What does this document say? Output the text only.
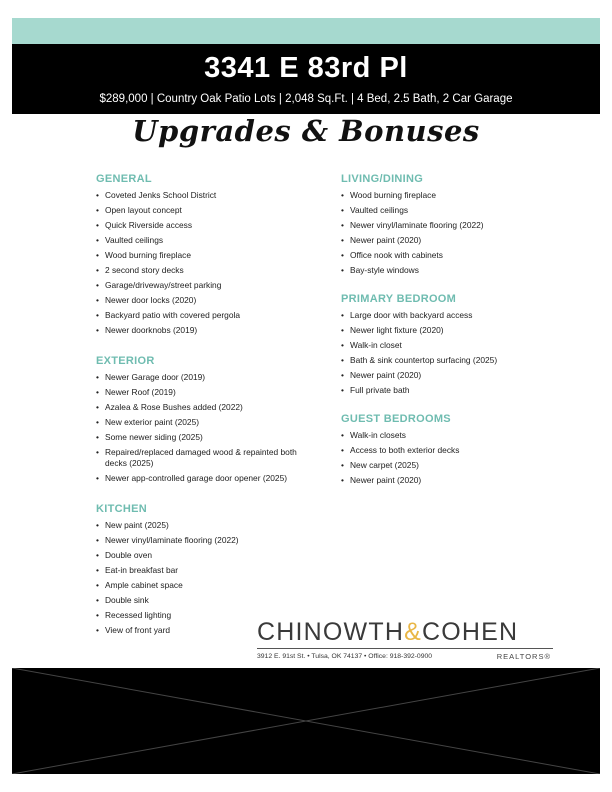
3341 E 83rd Pl
$289,000 | Country Oak Patio Lots | 2,048 Sq.Ft. | 4 Bed, 2.5 Bath, 2 Car Garage
Upgrades & Bonuses
GENERAL
• Coveted Jenks School District
• Open layout concept
• Quick Riverside access
• Vaulted ceilings
• Wood burning fireplace
• 2 second story decks
• Garage/driveway/street parking
• Newer door locks (2020)
• Backyard patio with covered pergola
• Newer doorknobs (2019)
EXTERIOR
• Newer Garage door (2019)
• Newer Roof (2019)
• Azalea & Rose Bushes added (2022)
• New exterior paint (2025)
• Some newer siding (2025)
• Repaired/replaced damaged wood & repainted both decks (2025)
• Newer app-controlled garage door opener (2025)
KITCHEN
• New paint (2025)
• Newer vinyl/laminate flooring (2022)
• Double oven
• Eat-in breakfast bar
• Ample cabinet space
• Double sink
• Recessed lighting
• View of front yard
LIVING/DINING
• Wood burning fireplace
• Vaulted ceilings
• Newer vinyl/laminate flooring (2022)
• Newer paint (2020)
• Office nook with cabinets
• Bay-style windows
PRIMARY BEDROOM
• Large door with backyard access
• Newer light fixture (2020)
• Walk-in closet
• Bath & sink countertop surfacing (2025)
• Newer paint (2020)
• Full private bath
GUEST BEDROOMS
• Walk-in closets
• Access to both exterior decks
• New carpet (2025)
• Newer paint (2020)
CHINOWTH&COHEN
3912 E. 91st St. • Tulsa, OK 74137 • Office: 918-392-0900	REALTORS®
